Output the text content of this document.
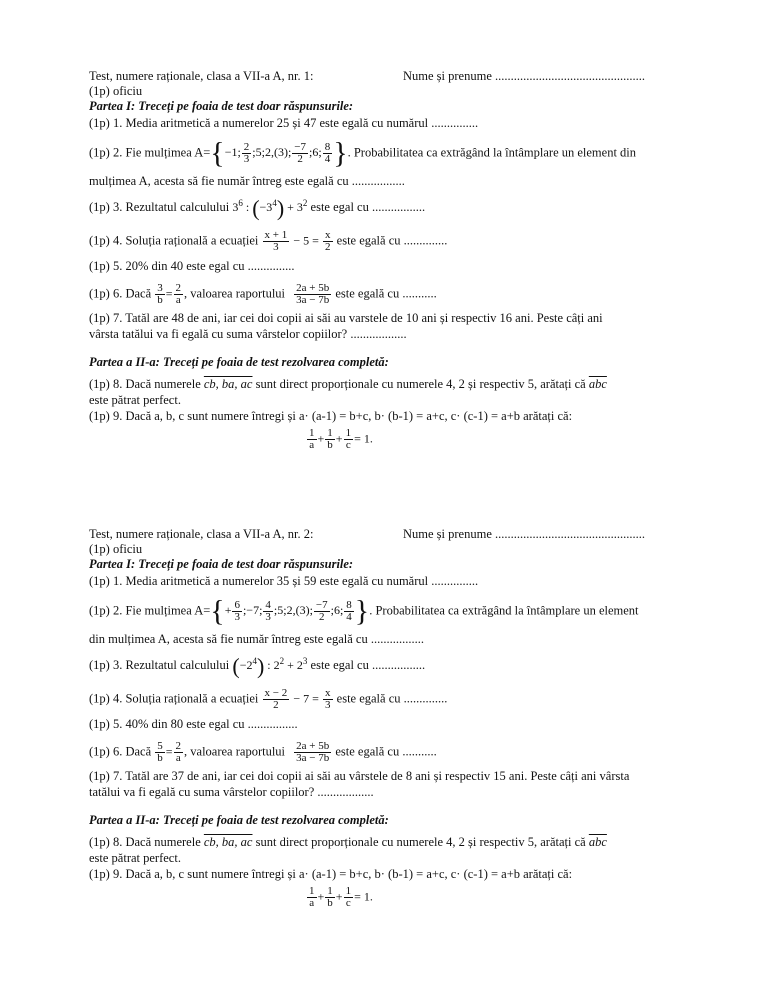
Test, numere raționale, clasa a VII-a A, nr. 1:	Nume și prenume ................................................
(1p) oficiu
Partea I: Treceți pe foaia de test doar răspunsurile:
(1p) 1. Media aritmetică a numerelor 25 și 47 este egală cu numărul ...............
(1p) 2. Fie mulțimea A={−1; $\frac{2}{3}$ ;5;2,(3); $\frac{-7}{2}$ ;6; $\frac{8}{4}$ }. Probabilitatea ca extrăgând la întâmplare un element din
mulțimea A, acesta să fie număr întreg este egală cu .................
(1p) 3. Rezultatul calculului $3^6$ : $(-3^4) + 3^2$ este egal cu .................
(1p) 4. Soluția rațională a ecuației $\frac{x + 1}{3} - 5 = \frac{x}{2}$ este egală cu ..............
(1p) 5. 20% din 40 este egal cu ...............
(1p) 6. Dacă $\frac{3}{b} = \frac{2}{a}$ , valoarea raportului $\frac{2a + 5b}{3a - 7b}$ este egală cu ...........
(1p) 7. Tatăl are 48 de ani, iar cei doi copii ai săi au varstele de 10 ani și respectiv 16 ani. Peste câți ani
vârsta tatălui va fi egală cu suma vârstelor copiilor? ..................
Partea a II-a: Treceți pe foaia de test rezolvarea completă:
(1p) 8. Dacă numerele cb, ba, ac sunt direct proporționale cu numerele 4, 2 și respectiv 5, arătați că $\overline{abc}$
este pătrat perfect.
(1p) 9. Dacă a, b, c sunt numere întregi și a· (a-1) = b+c, b· (b-1) = a+c, c· (c-1) = a+b arătați că:
$\frac{1}{a} + \frac{1}{b} + \frac{1}{c} = 1$.
Test, numere raționale, clasa a VII-a A, nr. 2:	Nume și prenume ................................................
(1p) oficiu
Partea I: Treceți pe foaia de test doar răspunsurile:
(1p) 1. Media aritmetică a numerelor 35 și 59 este egală cu numărul ...............
(1p) 2. Fie mulțimea $A=\{+ \frac{6}{3}$ ;−7; $\frac{4}{3}$ ;5;2,(3); $\frac{-7}{2}$ ;6; $\frac{8}{4}$ }. Probabilitatea ca extrăgând la întâmplare un element
din mulțimea A, acesta să fie număr întreg este egală cu .................
(1p) 3. Rezultatul calculului $(-2^4)$ : $2^2 + 2^3$ este egal cu .................
(1p) 4. Soluția rațională a ecuației $\frac{x - 2}{2} - 7 = \frac{x}{3}$ este egală cu ..............
(1p) 5. 40% din 80 este egal cu ................
(1p) 6. Dacă $\frac{5}{b} = \frac{2}{a}$ , valoarea raportului $\frac{2a + 5b}{3a - 7b}$ este egală cu ...........
(1p) 7. Tatăl are 37 de ani, iar cei doi copii ai săi au vârstele de 8 ani și respectiv 15 ani. Peste câți ani vârsta
tatălui va fi egală cu suma vârstelor copiilor? ..................
Partea a II-a: Treceți pe foaia de test rezolvarea completă:
(1p) 8. Dacă numerele cb, ba, ac sunt direct proporționale cu numerele 4, 2 și respectiv 5, arătați că $\overline{abc}$
este pătrat perfect.
(1p) 9. Dacă a, b, c sunt numere întregi și a· (a-1) = b+c, b· (b-1) = a+c, c· (c-1) = a+b arătați că:
$\frac{1}{a} + \frac{1}{b} + \frac{1}{c} = 1$.
